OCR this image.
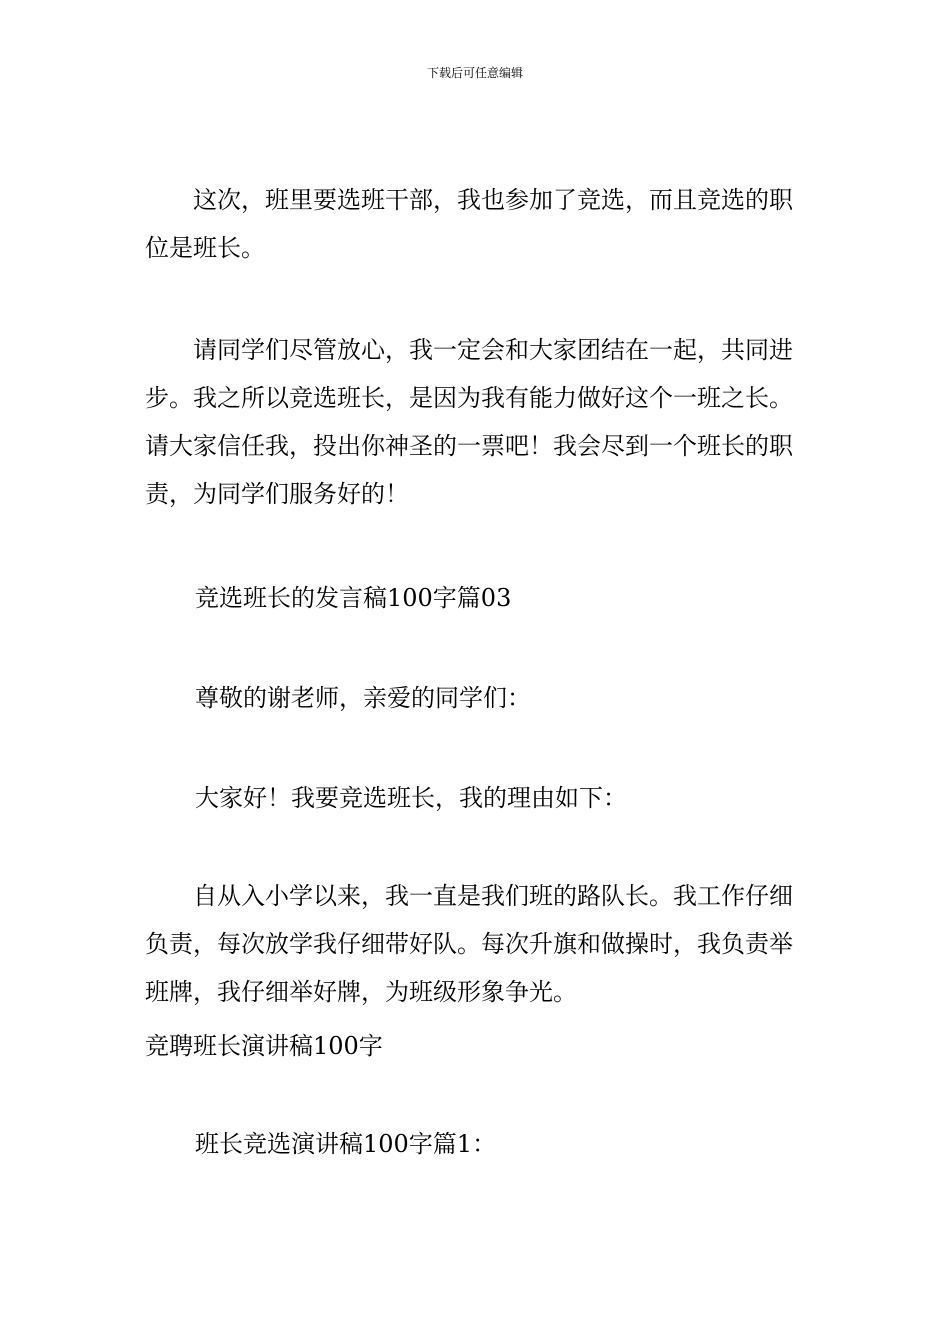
下载后可任意编辑

这次，班里要选班干部，我也参加了竞选，而且竞选的职位是班长。

请同学们尽管放心，我一定会和大家团结在一起，共同进步。我之所以竞选班长，是因为我有能力做好这个一班之长。请大家信任我，投出你神圣的一票吧！我会尽到一个班长的职责，为同学们服务好的！

竞选班长的发言稿100字篇03
尊敬的谢老师，亲爱的同学们：
大家好！我要竞选班长，我的理由如下：

自从入小学以来，我一直是我们班的路队长。我工作仔细负责，每次放学我仔细带好队。每次升旗和做操时，我负责举班牌，我仔细举好牌，为班级形象争光。

竞聘班长演讲稿100字
班长竞选演讲稿100字篇1：
